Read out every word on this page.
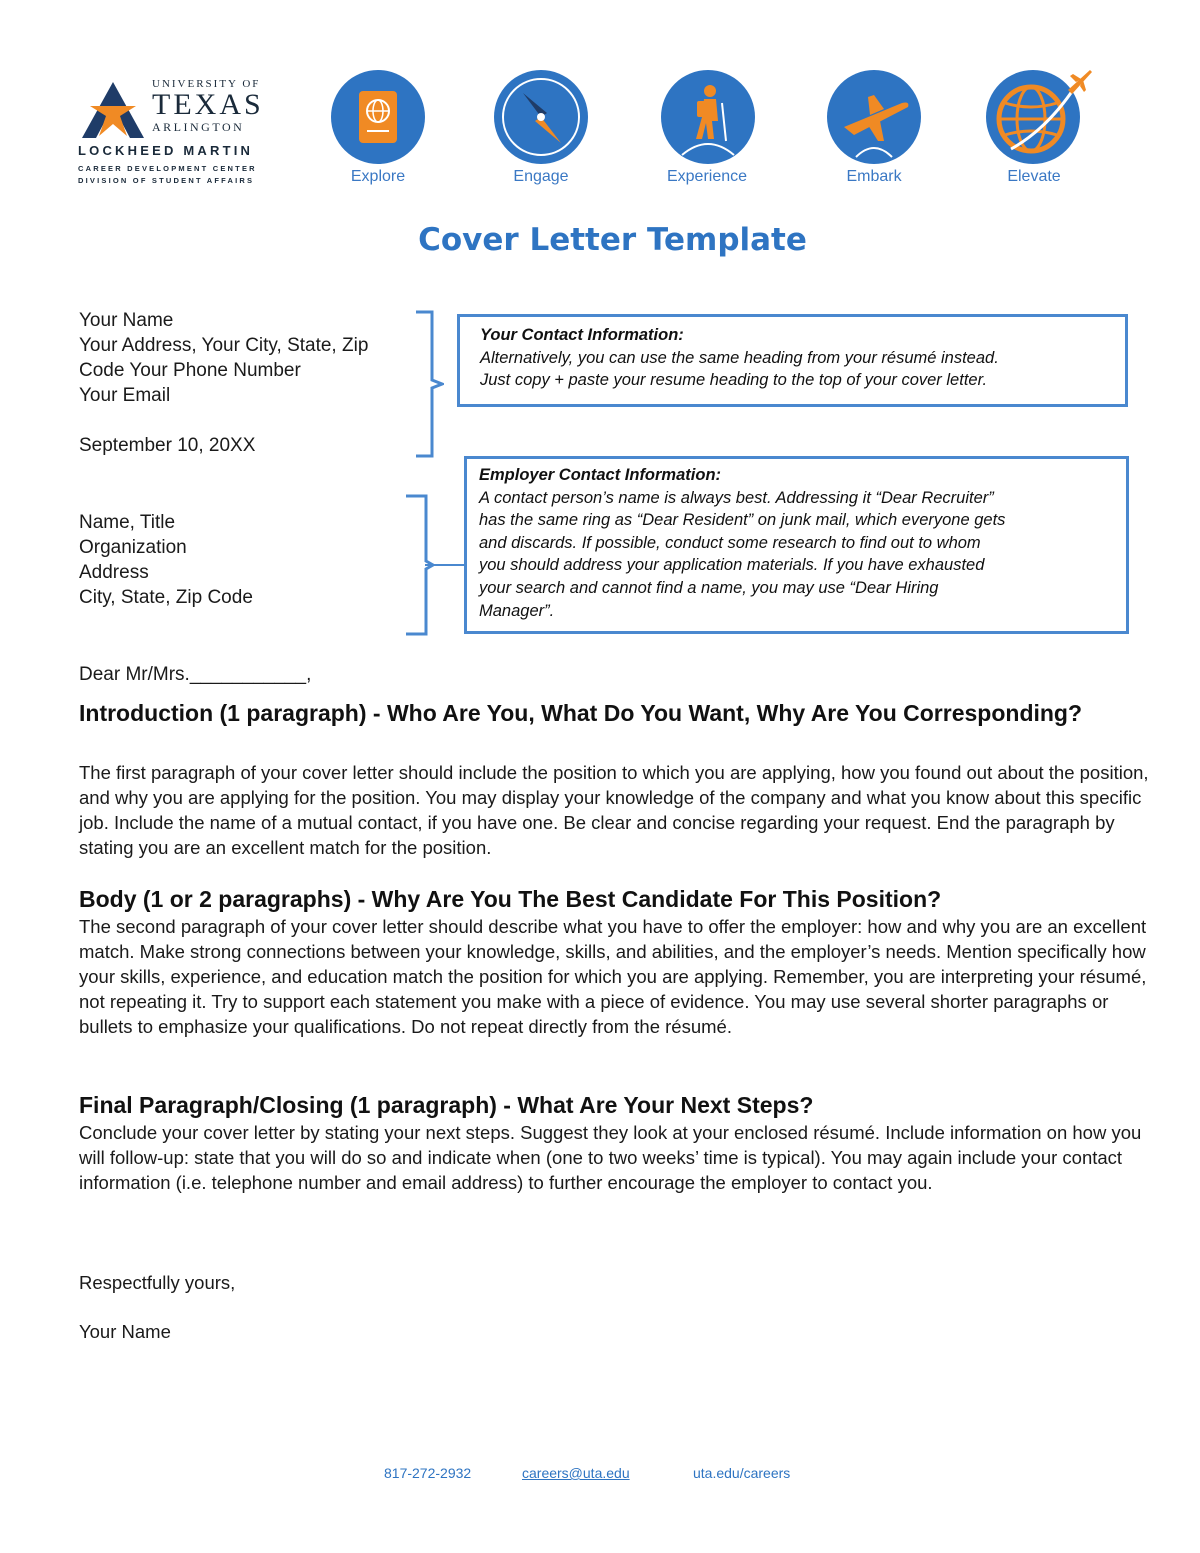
UNIVERSITY OF
TEXAS
ARLINGTON
LOCKHEED MARTIN
CAREER DEVELOPMENT CENTER
DIVISION OF STUDENT AFFAIRS	Explore	Engage	Experience	Embark	Elevate
Cover Letter Template
Your Name
Your Address, Your City, State, Zip
Code Your Phone Number
Your Email
September 10, 20XX
Your Contact Information:
Alternatively, you can use the same heading from your résumé instead.
Just copy + paste your resume heading to the top of your cover letter.
Name, Title
Organization
Address
City, State, Zip Code
Employer Contact Information:
A contact person’s name is always best. Addressing it “Dear Recruiter”
has the same ring as “Dear Resident” on junk mail, which everyone gets
and discards. If possible, conduct some research to find out to whom
you should address your application materials. If you have exhausted
your search and cannot find a name, you may use “Dear Hiring
Manager”.
Dear Mr/Mrs.___________,
Introduction (1 paragraph) - Who Are You, What Do You Want, Why Are You Corresponding?
The first paragraph of your cover letter should include the position to which you are applying, how you found out about the position, and why you are applying for the position. You may display your knowledge of the company and what you know about this specific job. Include the name of a mutual contact, if you have one. Be clear and concise regarding your request. End the paragraph by stating you are an excellent match for the position.
Body (1 or 2 paragraphs) - Why Are You The Best Candidate For This Position?
The second paragraph of your cover letter should describe what you have to offer the employer: how and why you are an excellent match. Make strong connections between your knowledge, skills, and abilities, and the employer’s needs. Mention specifically how your skills, experience, and education match the position for which you are applying. Remember, you are interpreting your résumé, not repeating it. Try to support each statement you make with a piece of evidence. You may use several shorter paragraphs or bullets to emphasize your qualifications. Do not repeat directly from the résumé.
Final Paragraph/Closing (1 paragraph) - What Are Your Next Steps?
Conclude your cover letter by stating your next steps. Suggest they look at your enclosed résumé. Include information on how you will follow-up: state that you will do so and indicate when (one to two weeks’ time is typical). You may again include your contact information (i.e. telephone number and email address) to further encourage the employer to contact you.
Respectfully yours,
Your Name
817-272-2932	careers@uta.edu	uta.edu/careers
